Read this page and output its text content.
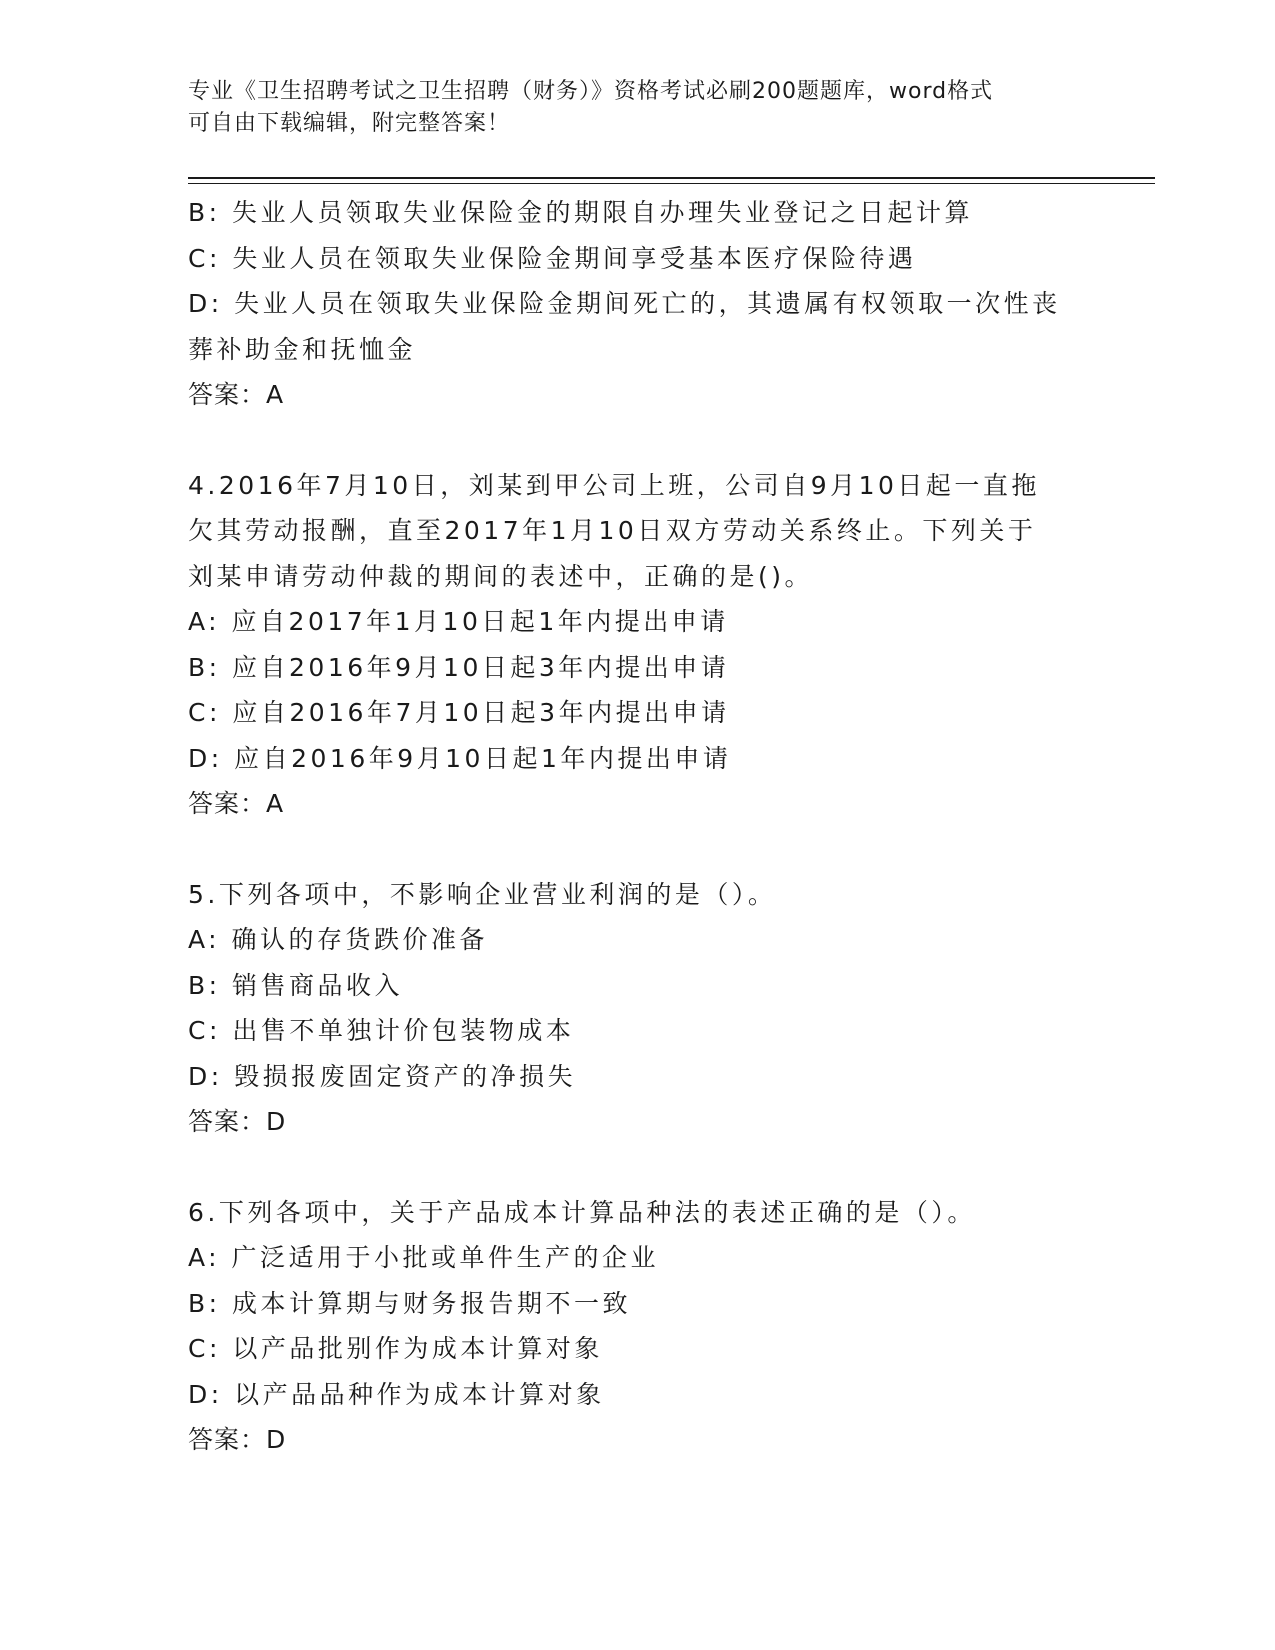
专业《卫生招聘考试之卫生招聘（财务）》资格考试必刷200题题库，word格式
可自由下载编辑，附完整答案！
B: 失业人员领取失业保险金的期限自办理失业登记之日起计算
C: 失业人员在领取失业保险金期间享受基本医疗保险待遇
D: 失业人员在领取失业保险金期间死亡的，其遗属有权领取一次性丧
葬补助金和抚恤金
答案：A
4.2016年7月10日，刘某到甲公司上班，公司自9月10日起一直拖
欠其劳动报酬，直至2017年1月10日双方劳动关系终止。下列关于
刘某申请劳动仲裁的期间的表述中，正确的是()。
A: 应自2017年1月10日起1年内提出申请
B: 应自2016年9月10日起3年内提出申请
C: 应自2016年7月10日起3年内提出申请
D: 应自2016年9月10日起1年内提出申请
答案：A
5.下列各项中，不影响企业营业利润的是（）。
A: 确认的存货跌价准备
B: 销售商品收入
C: 出售不单独计价包装物成本
D: 毁损报废固定资产的净损失
答案：D
6.下列各项中，关于产品成本计算品种法的表述正确的是（）。
A: 广泛适用于小批或单件生产的企业
B: 成本计算期与财务报告期不一致
C: 以产品批别作为成本计算对象
D: 以产品品种作为成本计算对象
答案：D
